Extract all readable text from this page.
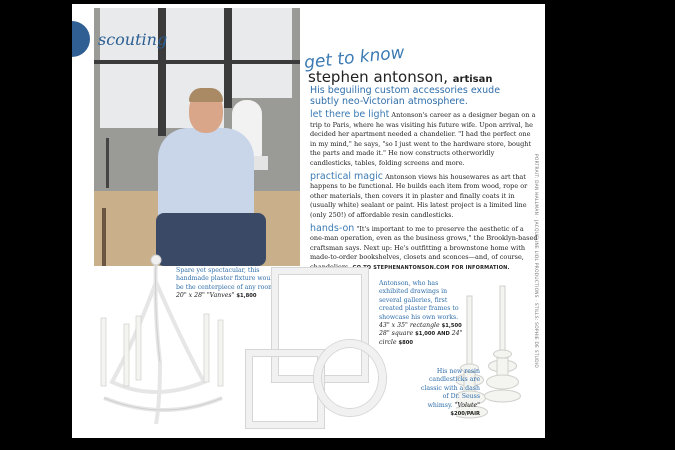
scouting
get to know
stephen antonson, artisan
His beguiling custom accessories exude subtly neo-Victorian atmosphere.

let there be light Antonson's career as a designer began on a trip to Paris, where he was visiting his future wife. Upon arrival, he decided her apartment needed a chandelier. "I had the perfect one in my mind," he says, "so I just went to the hardware store, bought the parts and made it." He now constructs otherworldly candlesticks, tables, folding screens and more.

practical magic Antonson views his housewares as art that happens to be functional. He builds each item from wood, rope or other materials, then covers it in plaster and finally coats it in (usually white) sealant or paint. His latest project is a limited line (only 250!) of affordable resin candlesticks.

hands-on "It's important to me to preserve the aesthetic of a one-man operation, even as the business grows," the Brooklyn-based craftsman says. Next up: He's outfitting a brownstone home with made-to-order bookshelves, closets and sconces—and, of course, chandeliers. GO TO STEPHENANTONSON.COM FOR INFORMATION.

Spare yet spectacular, this handmade plaster fixture would be the centerpiece of any room. 20" x 28" "Vanves" $1,800
Antonson, who has exhibited drawings in several galleries, first created plaster frames to showcase his own works. 43" x 35" rectangle $1,500 28" square $1,000 AND 24" circle $800
His new resin candlesticks are classic with a dash of Dr. Seuss whimsy. "Volute" $200/PAIR
PORTRAIT: DAN HALLMAN · JACQUELINE LIDL PRODUCTIONS · STILLS: SOPHIE DE STUDIO
